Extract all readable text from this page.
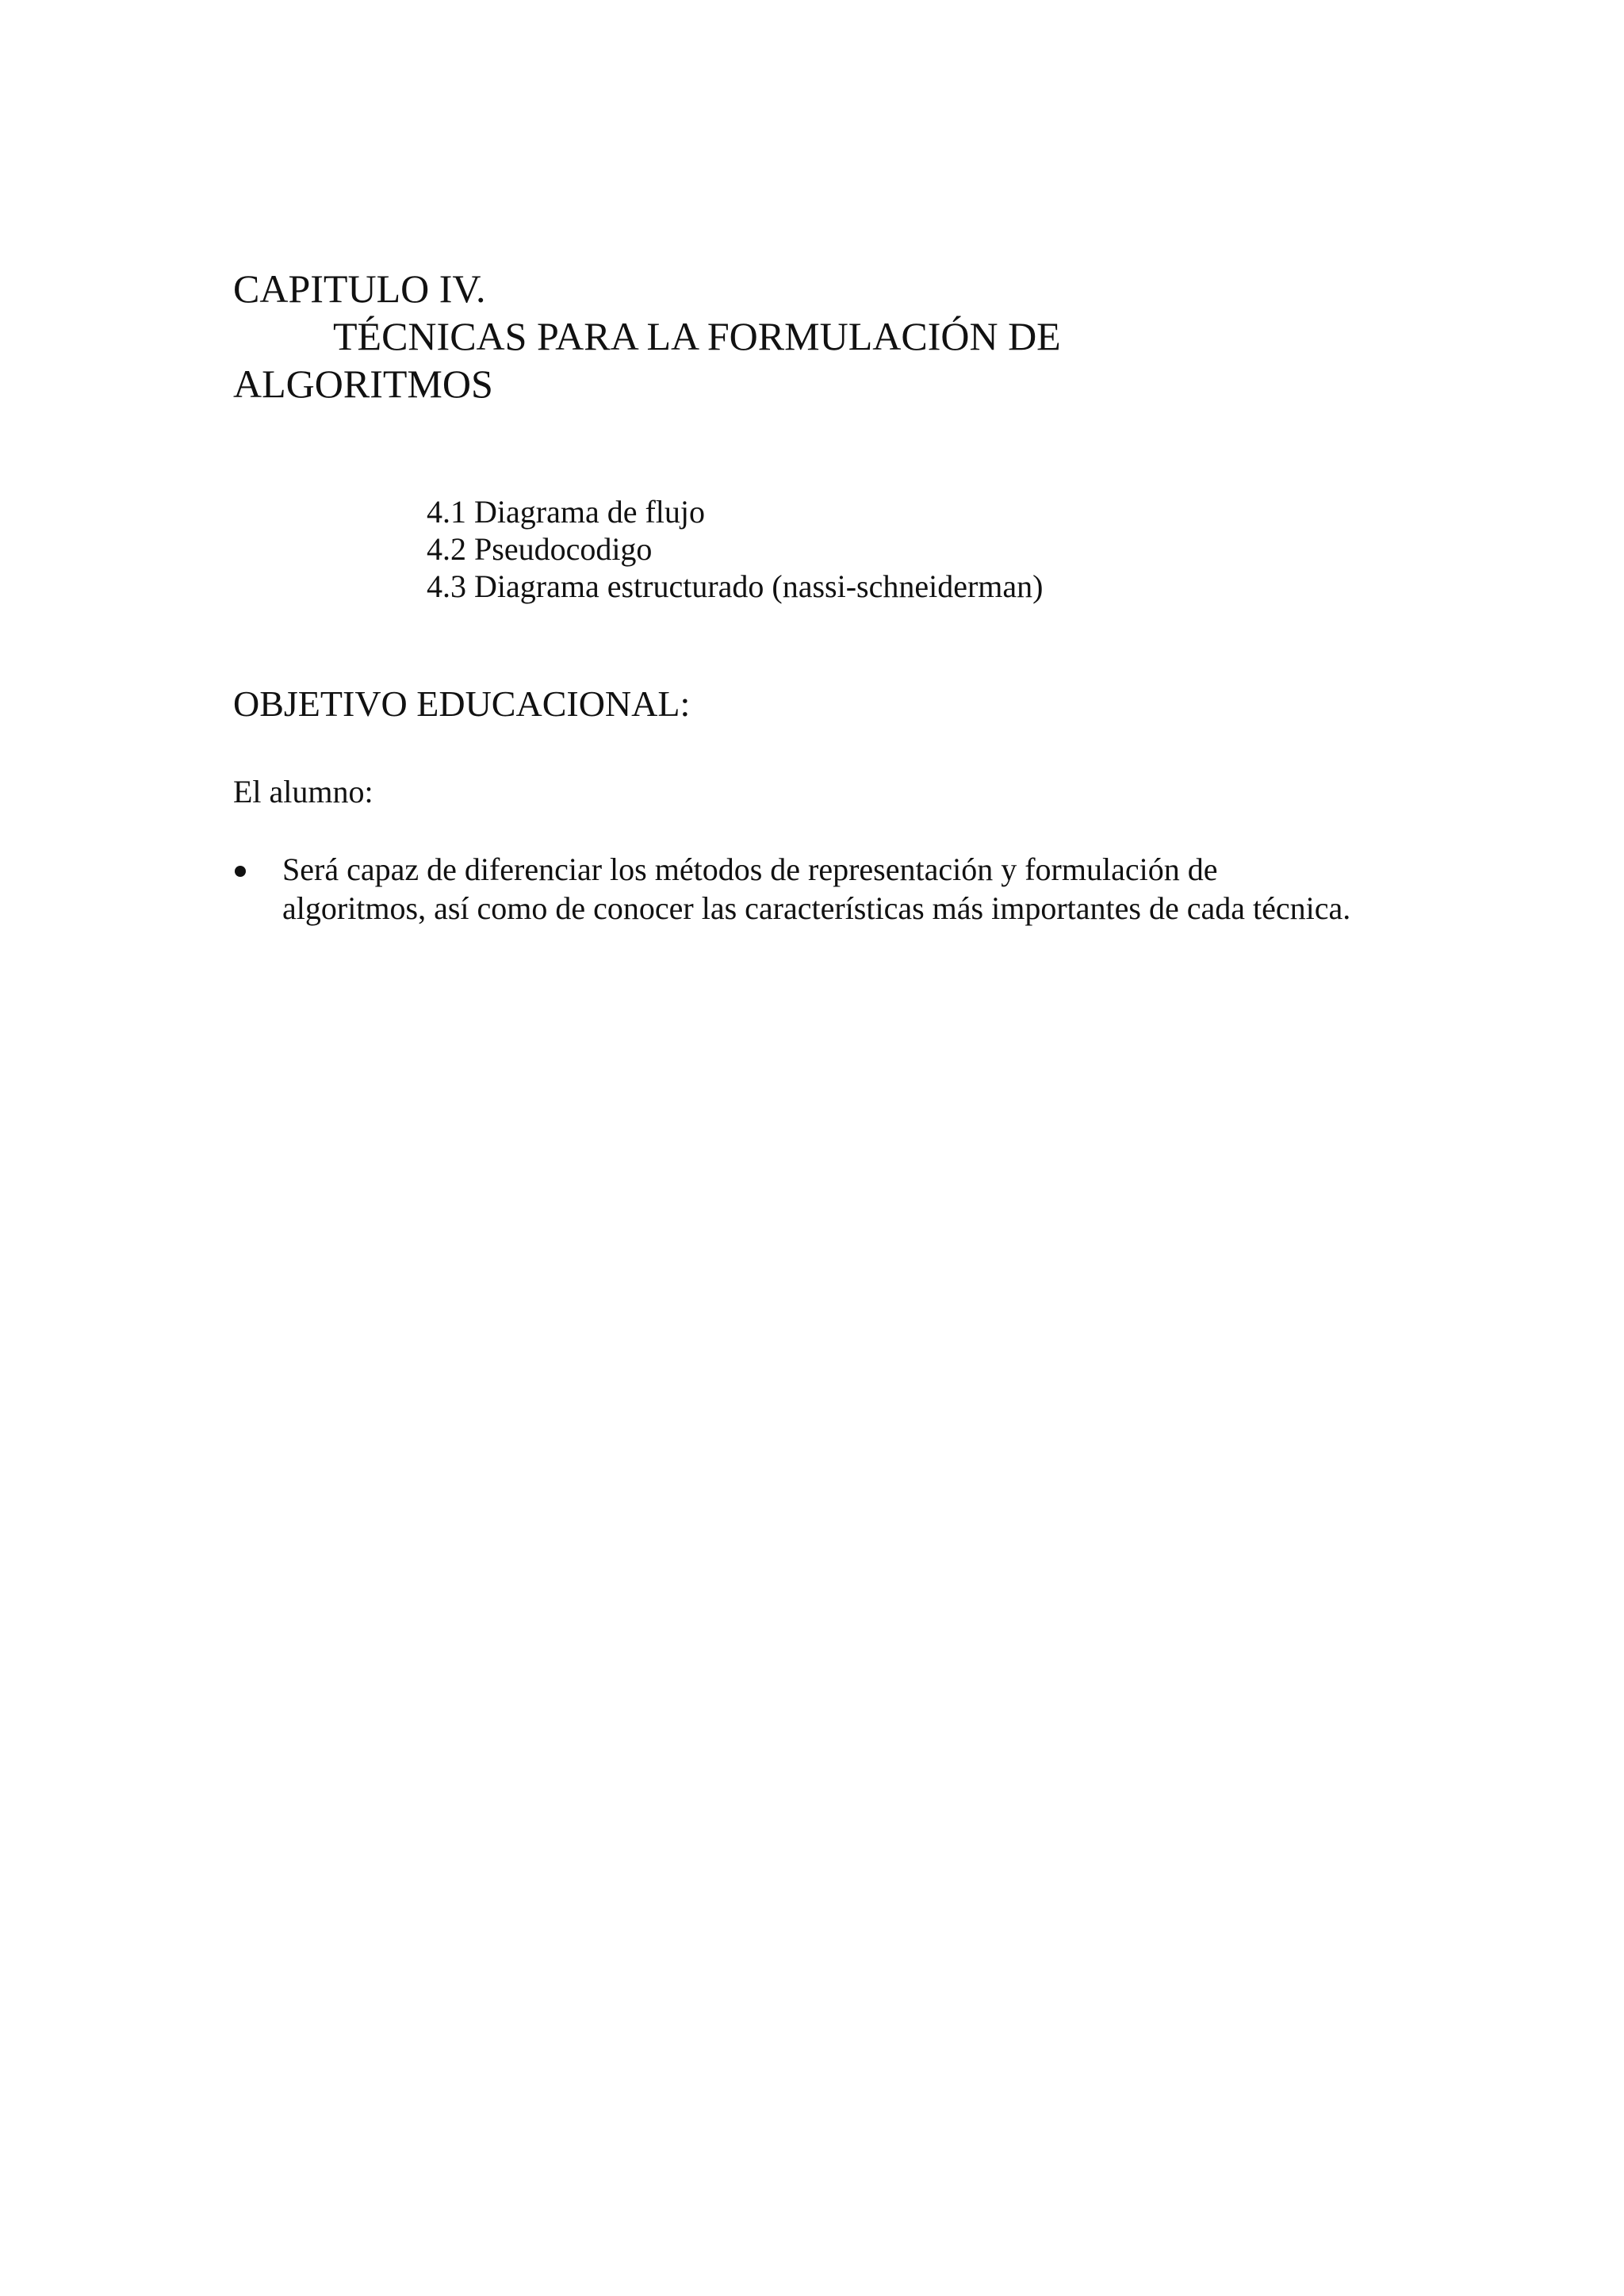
CAPITULO IV.
TÉCNICAS PARA LA FORMULACIÓN DE
ALGORITMOS
4.1 Diagrama de flujo
4.2 Pseudocodigo
4.3 Diagrama estructurado (nassi-schneiderman)
OBJETIVO EDUCACIONAL:
El alumno:
Será capaz de diferenciar los métodos de representación y formulación de
algoritmos, así como de conocer las características más importantes de cada técnica.
